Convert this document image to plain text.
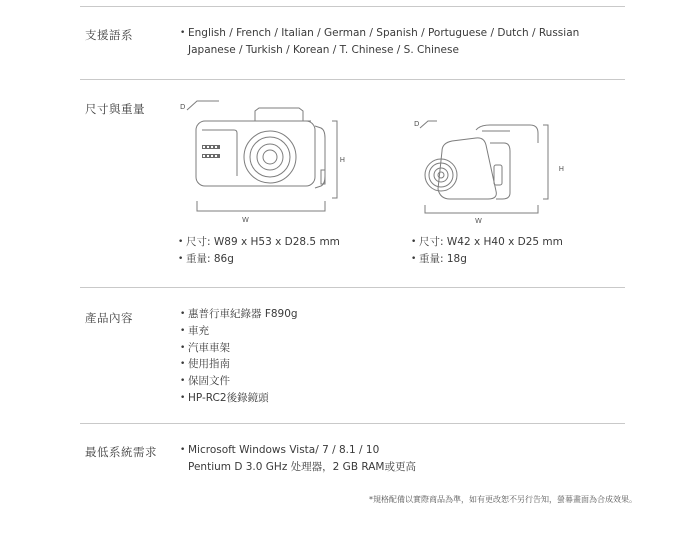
支援語系	• English / French / Italian / German / Spanish / Portuguese / Dutch / Russian
Japanese / Turkish / Korean / T. Chinese / S. Chinese
尺寸與重量	D
H
W
D
H
W
• 尺寸: W89 x H53 x D28.5 mm
• 重量: 86g
• 尺寸: W42 x H40 x D25 mm
• 重量: 18g
產品內容	• 惠普行車紀錄器 F890g
• 車充
• 汽車車架
• 使用指南
• 保固文件
• HP-RC2後錄鏡頭
最低系統需求	• Microsoft Windows Vista/ 7 / 8.1 / 10
Pentium D 3.0 GHz 处理器，2 GB RAM或更高
*規格配備以實際商品為準，如有更改恕不另行告知，螢幕畫面為合成效果。
